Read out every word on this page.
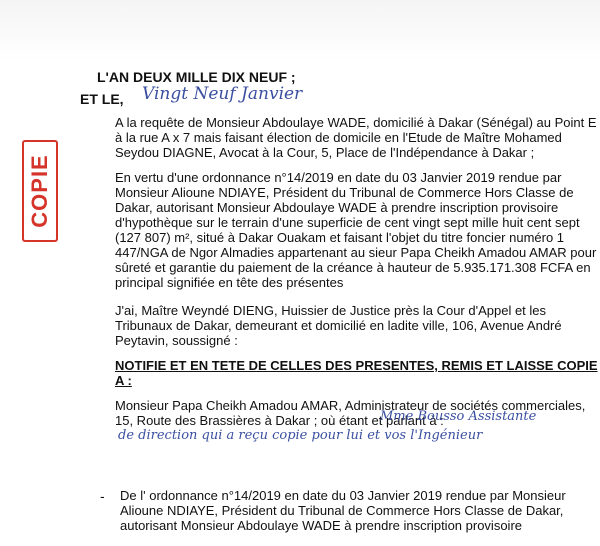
L'AN DEUX MILLE DIX NEUF ;
ET LE, Vingt Neuf Janvier
COPIE
A la requête de Monsieur Abdoulaye WADE, domicilié à Dakar (Sénégal) au Point E
à la rue A x 7 mais faisant élection de domicile en l'Etude de Maître Mohamed
Seydou DIAGNE, Avocat à la Cour, 5, Place de l'Indépendance à Dakar ;
En vertu d'une ordonnance n°14/2019 en date du 03 Janvier 2019 rendue par
Monsieur Alioune NDIAYE, Président du Tribunal de Commerce Hors Classe de
Dakar, autorisant Monsieur Abdoulaye WADE à prendre inscription provisoire
d'hypothèque sur le terrain d'une superficie de cent vingt sept mille huit cent sept
(127 807) m², situé à Dakar Ouakam et faisant l'objet du titre foncier numéro 1
447/NGA de Ngor Almadies appartenant au sieur Papa Cheikh Amadou AMAR pour
sûreté et garantie du paiement de la créance à hauteur de 5.935.171.308 FCFA en
principal signifiée en tête des présentes
J'ai, Maître Weyndé DIENG, Huissier de Justice près la Cour d'Appel et les
Tribunaux de Dakar, demeurant et domicilié en ladite ville, 106, Avenue André
Peytavin, soussigné :
NOTIFIE ET EN TETE DE CELLES DES PRESENTES, REMIS ET LAISSE COPIE
A :
Monsieur Papa Cheikh Amadou AMAR, Administrateur de sociétés commerciales,
15, Route des Brassières à Dakar ; où étant et parlant à :
Mme Bousso Assistante
de direction qui a reçu copie pour lui et vos l'Ingénieur
- De l' ordonnance n°14/2019 en date du 03 Janvier 2019 rendue par Monsieur
Alioune NDIAYE, Président du Tribunal de Commerce Hors Classe de Dakar,
autorisant Monsieur Abdoulaye WADE à prendre inscription provisoire
